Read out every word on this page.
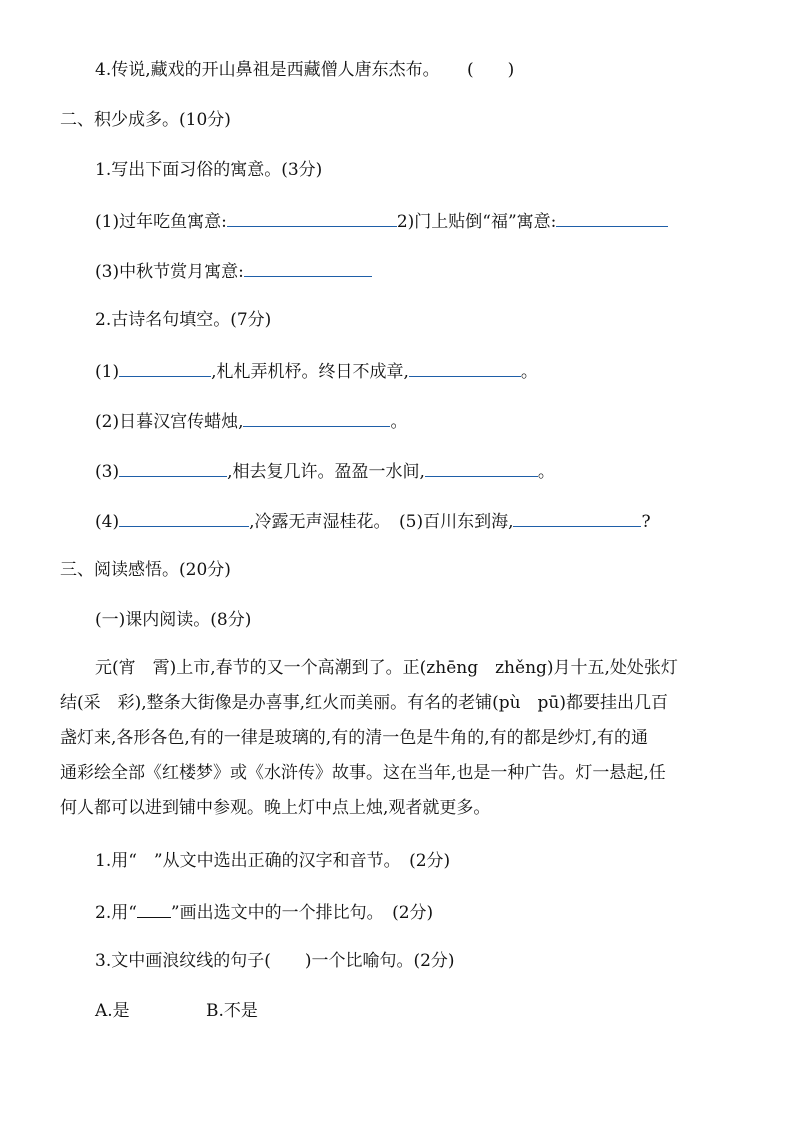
4.传说,藏戏的开山鼻祖是西藏僧人唐东杰布。 (　　)
二、积少成多。(10分)
1.写出下面习俗的寓意。(3分)
(1)过年吃鱼寓意:	2)门上贴倒“福”寓意:
(3)中秋节赏月寓意:
2.古诗名句填空。(7分)
(1)	,札札弄机杼。终日不成章,	。
(2)日暮汉宫传蜡烛,	。
(3)	,相去复几许。盈盈一水间,	。
(4)	,冷露无声湿桂花。　(5)百川东到海,	?
三、阅读感悟。(20分)
(一)课内阅读。(8分)
元(宵　霄)上市,春节的又一个高潮到了。正(zhēng　zhěng)月十五,处处张灯
结(采　彩),整条大街像是办喜事,红火而美丽。有名的老铺(pù　pū)都要挂出几百
盏灯来,各形各色,有的一律是玻璃的,有的清一色是牛角的,有的都是纱灯,有的通
通彩绘全部《红楼梦》或《水浒传》故事。这在当年,也是一种广告。灯一悬起,任
何人都可以进到铺中参观。晚上灯中点上烛,观者就更多。
1.用“　”从文中选出正确的汉字和音节。　(2分)
2.用“ ”画出选文中的一个排比句。　(2分)
3.文中画浪纹线的句子(　　)一个比喻句。(2分)
A.是	B.不是
